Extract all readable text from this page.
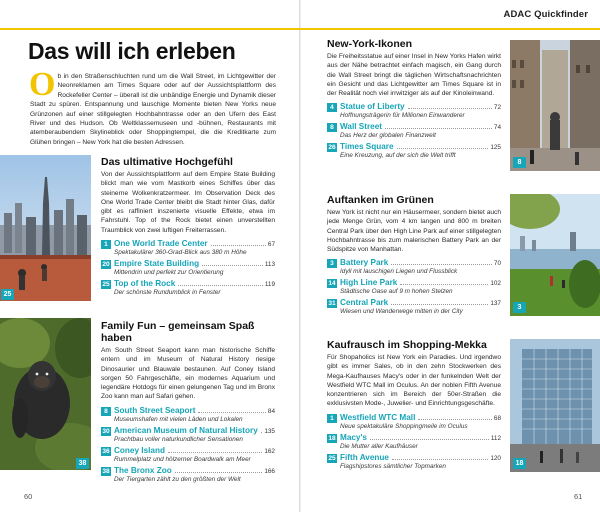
ADAC Quickfinder
Das will ich erleben
Ob in den Straßenschluchten rund um die Wall Street, im Lichtgewitter der Neonreklamen am Times Square oder auf der Aussichtsplattform des Rockefeller Center – überall ist die unbändige Energie und Dynamik dieser Stadt zu spüren. Entspannung und lauschige Momente bieten New Yorks neue Grünzonen auf einer stillgelegten Hochbahntrasse oder an den Ufern des East River und des Hudson. Ob Weltklassemuseen und -bühnen, Restaurants mit atemberaubendem Skylineblick oder Shoppingtempel, die die Kreditkarte zum Glühen bringen – New York hat die besten Adressen.
25
38
Das ultimative Hochgefühl

Von der Aussichtsplattform auf dem Empire State Building blickt man wie vom Mastkorb eines Schiffes über das steinerne Wolkenkratzermeer. Im Observation Deck des One World Trade Center bleibt die Stadt hinter Glas, dafür gibt es raffiniert inszenierte visuelle Effekte, etwa im Fahrstuhl. Top of the Rock bietet einen unverstellten Traumblick von zwei luftigen Freiterrassen.

1 One World Trade Center	67
Spektakulärer 360-Grad-Blick aus 380 m Höhe
20 Empire State Building	113
Mittendrin und perfekt zur Orientierung
25 Top of the Rock	119
Der schönste Rundumblick in Fenster
Family Fun – gemeinsam Spaß haben

Am South Street Seaport kann man historische Schiffe entern und im Museum of Natural History riesige Dinosaurier und Blauwale bestaunen. Auf Coney Island sorgen 50 Fahrgeschäfte, ein modernes Aquarium und legendäre Hotdogs für einen gelungenen Tag und im Bronx Zoo kann man auf Safari gehen.

8 South Street Seaport	84
Museumshafen mit vielen Läden und Lokalen
30 American Museum of Natural History 135
Prachtbau voller naturkundlicher Sensationen
36 Coney Island	162
Rummelplatz und hölzerner Boardwalk am Meer
38 The Bronx Zoo	166
Der Tiergarten zählt zu den größten der Welt
New-York-Ikonen

Die Freiheitsstatue auf einer Insel in New Yorks Hafen wirkt aus der Nähe betrachtet einfach magisch, ein Gang durch die Wall Street bringt die täglichen Wirtschaftsnachrichten ein Gesicht und das Lichtgewitter am Times Square ist in der Realität noch viel irrwitziger als auf der Kinoleinwand.

4 Statue of Liberty	72
Hoffnungsträgerin für Millionen Einwanderer
8 Wall Street	74
Das Herz der globalen Finanzwelt
26 Times Square	125
Eine Kreuzung, auf der sich die Welt trifft
Auftanken im Grünen

New York ist nicht nur ein Häusermeer, sondern bietet auch jede Menge Grün, vom 4 km langen und 800 m breiten Central Park über den High Line Park auf einer stillgelegten Hochbahntrasse bis zum malerischen Battery Park an der Südspitze von Manhattan.

3 Battery Park	70
Idyll mit lauschigen Liegen und Flussblick
14 High Line Park	102
Städtische Oase auf 9 m hohen Stelzen
31 Central Park	137
Wiesen und Wanderwege mitten in der City
Kaufrausch im Shopping-Mekka

Für Shopaholics ist New York ein Paradies. Und irgendwo gibt es immer Sales, ob in den zehn Stockwerken des Mega-Kaufhauses Macy's oder in der funkelnden Welt der Westfield WTC Mall im Oculus. An der noblen Fifth Avenue konzentrieren sich im Bereich der 50er-Straßen die exklusivsten Mode-, Juwelier- und Einrichtungsgeschäfte.

1 Westfield WTC Mall	68
Neue spektakuläre Shoppingmeile im Oculus
18 Macy's	112
Die Mutter aller Kaufhäuser
25 Fifth Avenue	120
Flagshipstores sämtlicher Topmarken
8
3
18
60	61
